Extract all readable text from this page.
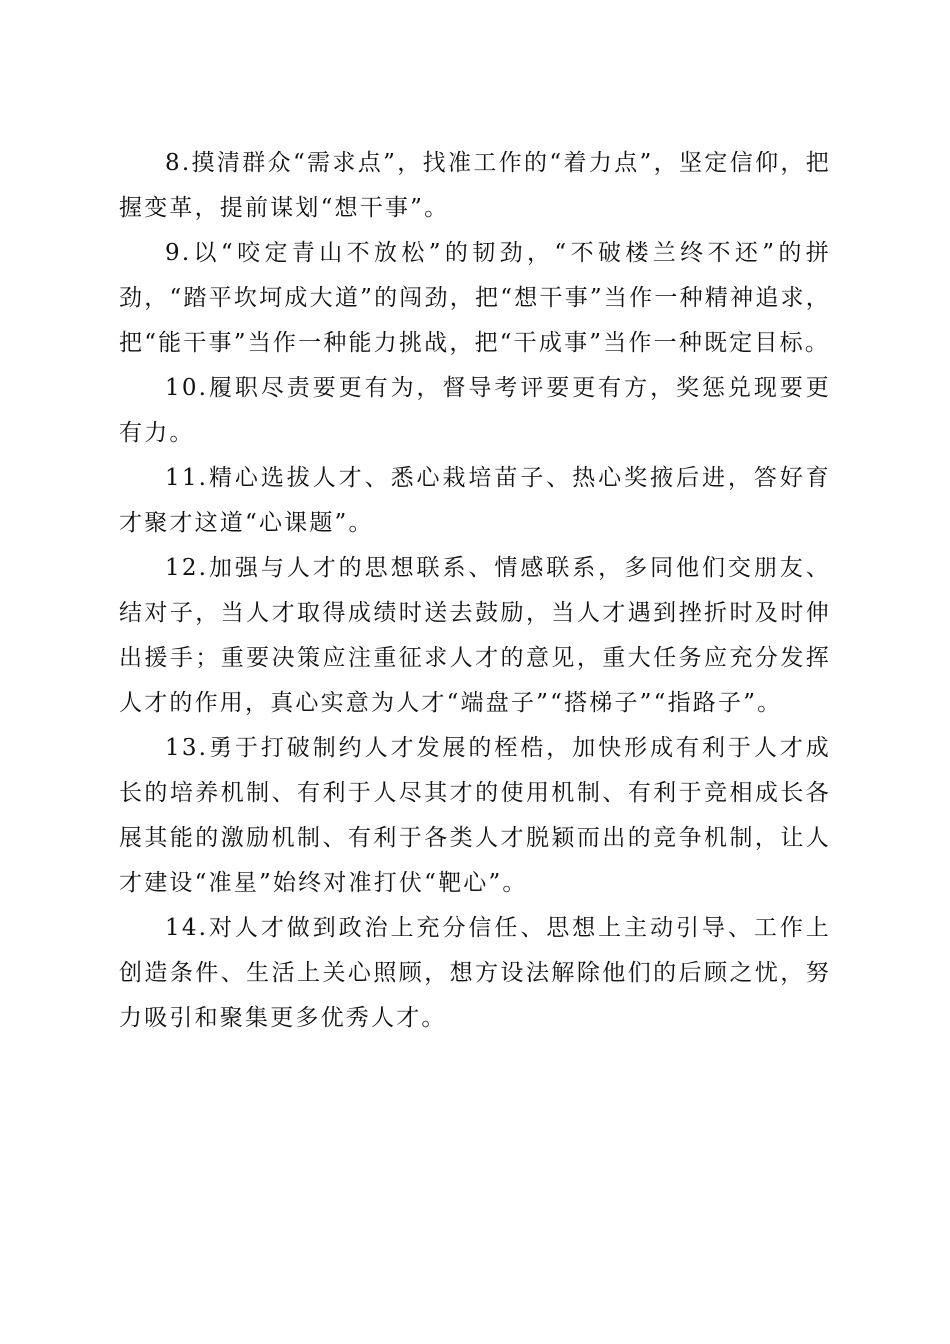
8.摸清群众“需求点”，找准工作的“着力点”，坚定信仰，把握变革，提前谋划“想干事”。

9.以“咬定青山不放松”的韧劲，“不破楼兰终不还”的拼劲，“踏平坎坷成大道”的闯劲，把“想干事”当作一种精神追求，把“能干事”当作一种能力挑战，把“干成事”当作一种既定目标。

10.履职尽责要更有为，督导考评要更有方，奖惩兑现要更有力。

11.精心选拔人才、悉心栽培苗子、热心奖掖后进，答好育才聚才这道“心课题”。

12.加强与人才的思想联系、情感联系，多同他们交朋友、结对子，当人才取得成绩时送去鼓励，当人才遇到挫折时及时伸出援手；重要决策应注重征求人才的意见，重大任务应充分发挥人才的作用，真心实意为人才“端盘子”“搭梯子”“指路子”。

13.勇于打破制约人才发展的桎梏，加快形成有利于人才成长的培养机制、有利于人尽其才的使用机制、有利于竞相成长各展其能的激励机制、有利于各类人才脱颖而出的竞争机制，让人才建设“准星”始终对准打伏“靶心”。

14.对人才做到政治上充分信任、思想上主动引导、工作上创造条件、生活上关心照顾，想方设法解除他们的后顾之忧，努力吸引和聚集更多优秀人才。
